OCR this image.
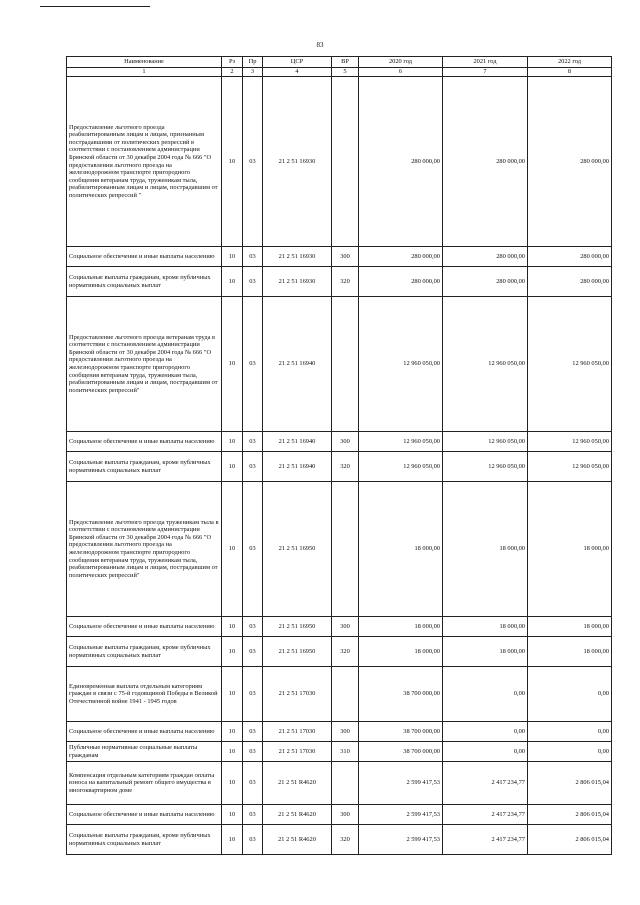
83
Наименование	Рз	Пр	ЦСР	ВР	2020 год	2021 год	2022 год
1	2	3	4	5	6	7	8
Предоставление льготного проезда реабилитированным лицам и лицам, признанным пострадавшими от политических репрессий в соответствии с постановлением администрации Брянской области от 30 декабря 2004 года № 666 "О предоставлении льготного проезда на железнодорожном транспорте пригородного сообщения ветеранам труда, труженикам тыла, реабилитированным лицам и лицам, пострадавшим от политических репрессий "	10	03	21 2 51 16930		280 000,00	280 000,00	280 000,00
Социальное обеспечение и иные выплаты населению	10	03	21 2 51 16930	300	280 000,00	280 000,00	280 000,00
Социальные выплаты гражданам, кроме публичных нормативных социальных выплат	10	03	21 2 51 16930	320	280 000,00	280 000,00	280 000,00
Предоставление льготного проезда ветеранам труда в соответствии с постановлением администрации Брянской области от 30 декабря 2004 года № 666 "О предоставлении льготного проезда на железнодорожном транспорте пригородного сообщения ветеранам труда, труженикам тыла, реабилитированным лицам и лицам, пострадавшим от политических репрессий"	10	03	21 2 51 16940		12 960 050,00	12 960 050,00	12 960 050,00
Социальное обеспечение и иные выплаты населению	10	03	21 2 51 16940	300	12 960 050,00	12 960 050,00	12 960 050,00
Социальные выплаты гражданам, кроме публичных нормативных социальных выплат	10	03	21 2 51 16940	320	12 960 050,00	12 960 050,00	12 960 050,00
Предоставление льготного проезда труженикам тыла в соответствии с постановлением администрации Брянской области от 30 декабря 2004 года № 666 "О предоставлении льготного проезда на железнодорожном транспорте пригородного сообщения ветеранам труда, труженикам тыла, реабилитированным лицам и лицам, пострадавшим от политических репрессий"	10	03	21 2 51 16950		18 000,00	18 000,00	18 000,00
Социальное обеспечение и иные выплаты населению	10	03	21 2 51 16950	300	18 000,00	18 000,00	18 000,00
Социальные выплаты гражданам, кроме публичных нормативных социальных выплат	10	03	21 2 51 16950	320	18 000,00	18 000,00	18 000,00
Единовременная выплата отдельным категориям граждан в связи с 75-й годовщиной Победы в Великой Отечественной войне 1941 - 1945 годов	10	03	21 2 51 17030		38 700 000,00	0,00	0,00
Социальное обеспечение и иные выплаты населению	10	03	21 2 51 17030	300	38 700 000,00	0,00	0,00
Публичные нормативные социальные выплаты гражданам	10	03	21 2 51 17030	310	38 700 000,00	0,00	0,00
Компенсация отдельным категориям граждан оплаты взноса на капитальный ремонт общего имущества в многоквартирном доме	10	03	21 2 51 R4620		2 599 417,53	2 417 234,77	2 806 015,04
Социальное обеспечение и иные выплаты населению	10	03	21 2 51 R4620	300	2 599 417,53	2 417 234,77	2 806 015,04
Социальные выплаты гражданам, кроме публичных нормативных социальных выплат	10	03	21 2 51 R4620	320	2 599 417,53	2 417 234,77	2 806 015,04
